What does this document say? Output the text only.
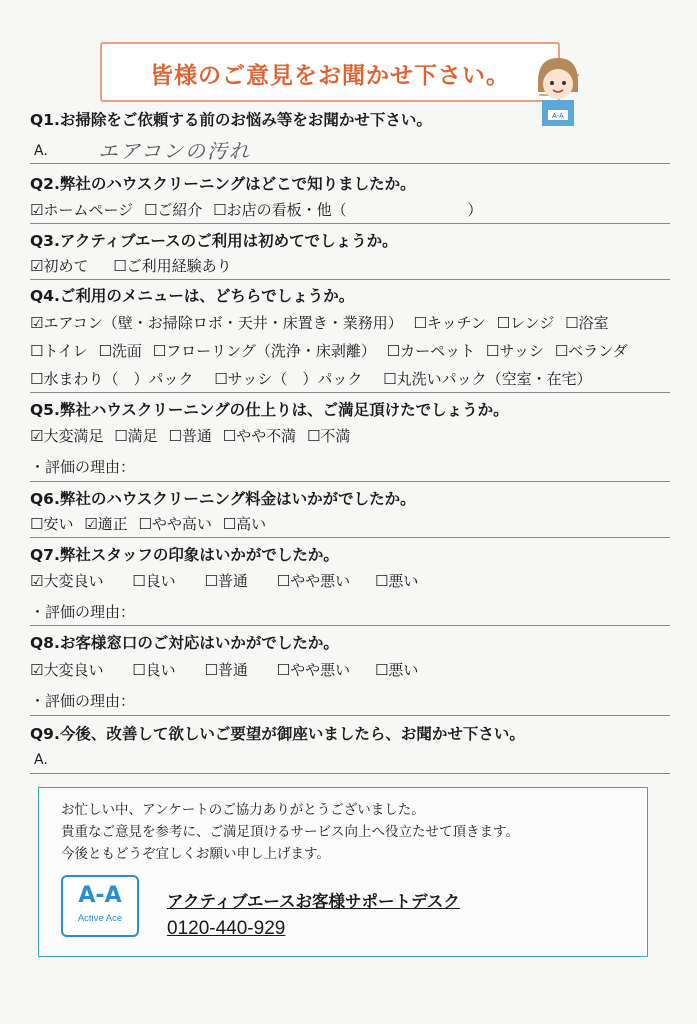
皆様のご意見をお聞かせ下さい。
A-A
Q1.お掃除をご依頼する前のお悩み等をお聞かせ下さい。
A.	エアコンの汚れ
Q2.弊社のハウスクリーニングはどこで知りましたか。
☑ホームページ ☐ご紹介 ☐お店の看板・他（	）
Q3.アクティブエースのご利用は初めてでしょうか。
☑初めて ☐ご利用経験あり
Q4.ご利用のメニューは、どちらでしょうか。
☑エアコン（壁・お掃除ロボ・天井・床置き・業務用） ☐キッチン ☐レンジ ☐浴室
☐トイレ ☐洗面 ☐フローリング（洗浄・床剥離） ☐カーペット ☐サッシ ☐ベランダ
☐水まわり（　）パック ☐サッシ（　）パック ☐丸洗いパック（空室・在宅）
Q5.弊社ハウスクリーニングの仕上りは、ご満足頂けたでしょうか。
☑大変満足 ☐満足 ☐普通 ☐やや不満 ☐不満
・評価の理由：
Q6.弊社のハウスクリーニング料金はいかがでしたか。
☐安い ☑適正 ☐やや高い ☐高い
Q7.弊社スタッフの印象はいかがでしたか。
☑大変良い ☐良い ☐普通 ☐やや悪い ☐悪い
・評価の理由：
Q8.お客様窓口のご対応はいかがでしたか。
☑大変良い ☐良い ☐普通 ☐やや悪い ☐悪い
・評価の理由：
Q9.今後、改善して欲しいご要望が御座いましたら、お聞かせ下さい。
A.
お忙しい中、アンケートのご協力ありがとうございました。
貴重なご意見を参考に、ご満足頂けるサービス向上へ役立たせて頂きます。
今後ともどうぞ宜しくお願い申し上げます。
A-A
Active Ace
アクティブエースお客様サポートデスク
0120-440-929
